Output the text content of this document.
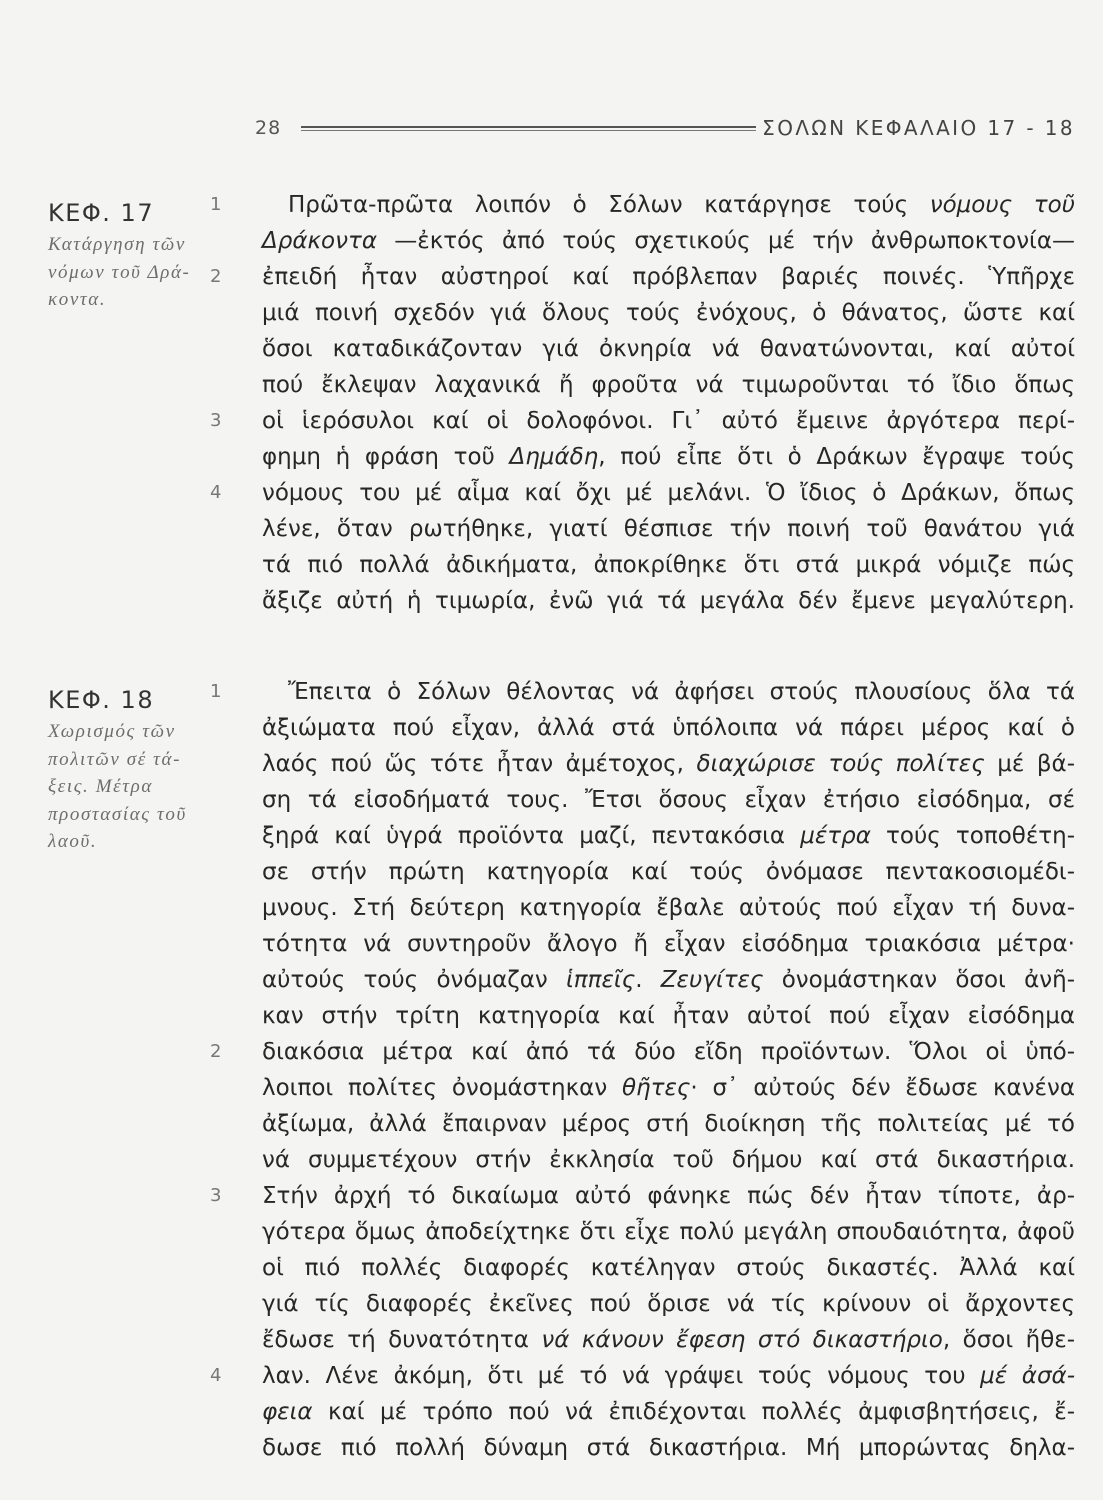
28	ΣΟΛΩΝ ΚΕΦΑΛΑΙΟ 17 - 18
ΚΕΦ. 17
Κατάργηση τῶν
νόμων τοῦ Δρά-
κοντα.
1	Πρῶτα-πρῶτα λοιπόν ὁ Σόλων κατάργησε τούς νόμους τοῦ
Δράκοντα —ἐκτός ἀπό τούς σχετικούς μέ τήν ἀνθρωποκτονία—
2 ἐπειδή ἦταν αὐστηροί καί πρόβλεπαν βαριές ποινές. Ὑπῆρχε
μιά ποινή σχεδόν γιά ὅλους τούς ἐνόχους, ὁ θάνατος, ὥστε καί
ὅσοι καταδικάζονταν γιά ὀκνηρία νά θανατώνονται, καί αὐτοί
πού ἔκλεψαν λαχανικά ἤ φροῦτα νά τιμωροῦνται τό ἴδιο ὅπως
3 οἱ ἱερόσυλοι καί οἱ δολοφόνοι. Γι᾿ αὐτό ἔμεινε ἀργότερα περί-
φημη ἡ φράση τοῦ Δημάδη, πού εἶπε ὅτι ὁ Δράκων ἔγραψε τούς
4 νόμους του μέ αἷμα καί ὄχι μέ μελάνι. Ὁ ἴδιος ὁ Δράκων, ὅπως
λένε, ὅταν ρωτήθηκε, γιατί θέσπισε τήν ποινή τοῦ θανάτου γιά
τά πιό πολλά ἀδικήματα, ἀποκρίθηκε ὅτι στά μικρά νόμιζε πώς
ἄξιζε αὐτή ἡ τιμωρία, ἐνῶ γιά τά μεγάλα δέν ἔμενε μεγαλύτερη.
ΚΕΦ. 18
Χωρισμός τῶν
πολιτῶν σέ τά-
ξεις. Μέτρα
προστασίας τοῦ
λαοῦ.
1	Ἔπειτα ὁ Σόλων θέλοντας νά ἀφήσει στούς πλουσίους ὅλα τά
ἀξιώματα πού εἶχαν, ἀλλά στά ὑπόλοιπα νά πάρει μέρος καί ὁ
λαός πού ὥς τότε ἦταν ἀμέτοχος, διαχώρισε τούς πολίτες μέ βά-
ση τά εἰσοδήματά τους. Ἔτσι ὅσους εἶχαν ἐτήσιο εἰσόδημα, σέ
ξηρά καί ὑγρά προϊόντα μαζί, πεντακόσια μέτρα τούς τοποθέτη-
σε στήν πρώτη κατηγορία καί τούς ὀνόμασε πεντακοσιομέδι-
μνους. Στή δεύτερη κατηγορία ἔβαλε αὐτούς πού εἶχαν τή δυνα-
τότητα νά συντηροῦν ἄλογο ἤ εἶχαν εἰσόδημα τριακόσια μέτρα·
αὐτούς τούς ὀνόμαζαν ἱππεῖς. Ζευγίτες ὀνομάστηκαν ὅσοι ἀνῆ-
καν στήν τρίτη κατηγορία καί ἦταν αὐτοί πού εἶχαν εἰσόδημα
2 διακόσια μέτρα καί ἀπό τά δύο εἴδη προϊόντων. Ὅλοι οἱ ὑπό-
λοιποι πολίτες ὀνομάστηκαν θῆτες· σ᾿ αὐτούς δέν ἔδωσε κανένα
ἀξίωμα, ἀλλά ἔπαιρναν μέρος στή διοίκηση τῆς πολιτείας μέ τό
νά συμμετέχουν στήν ἐκκλησία τοῦ δήμου καί στά δικαστήρια.
3 Στήν ἀρχή τό δικαίωμα αὐτό φάνηκε πώς δέν ἦταν τίποτε, ἀρ-
γότερα ὅμως ἀποδείχτηκε ὅτι εἶχε πολύ μεγάλη σπουδαιότητα, ἀφοῦ
οἱ πιό πολλές διαφορές κατέληγαν στούς δικαστές. Ἀλλά καί
γιά τίς διαφορές ἐκεῖνες πού ὅρισε νά τίς κρίνουν οἱ ἄρχοντες
ἔδωσε τή δυνατότητα νά κάνουν ἔφεση στό δικαστήριο, ὅσοι ἤθε-
4 λαν. Λένε ἀκόμη, ὅτι μέ τό νά γράψει τούς νόμους του μέ ἀσά-
φεια καί μέ τρόπο πού νά ἐπιδέχονται πολλές ἀμφισβητήσεις, ἔ-
δωσε πιό πολλή δύναμη στά δικαστήρια. Μή μπορώντας δηλα-
